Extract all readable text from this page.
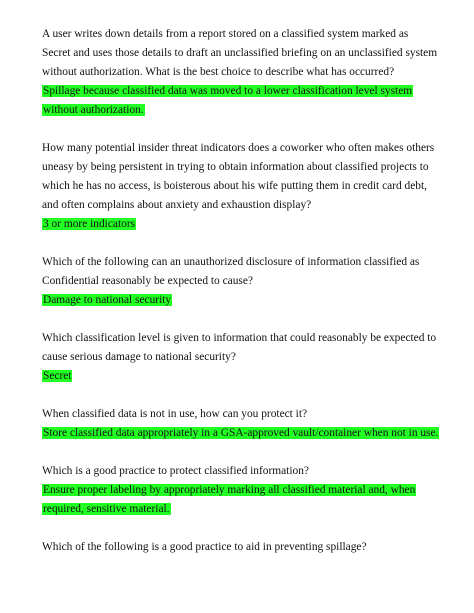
A user writes down details from a report stored on a classified system marked as
Secret and uses those details to draft an unclassified briefing on an unclassified system
without authorization. What is the best choice to describe what has occurred?
Spillage because classified data was moved to a lower classification level system
without authorization.
How many potential insider threat indicators does a coworker who often makes others
uneasy by being persistent in trying to obtain information about classified projects to
which he has no access, is boisterous about his wife putting them in credit card debt,
and often complains about anxiety and exhaustion display?
3 or more indicators
Which of the following can an unauthorized disclosure of information classified as
Confidential reasonably be expected to cause?
Damage to national security
Which classification level is given to information that could reasonably be expected to
cause serious damage to national security?
Secret
When classified data is not in use, how can you protect it?
Store classified data appropriately in a GSA-approved vault/container when not in use.
Which is a good practice to protect classified information?
Ensure proper labeling by appropriately marking all classified material and, when
required, sensitive material.
Which of the following is a good practice to aid in preventing spillage?
